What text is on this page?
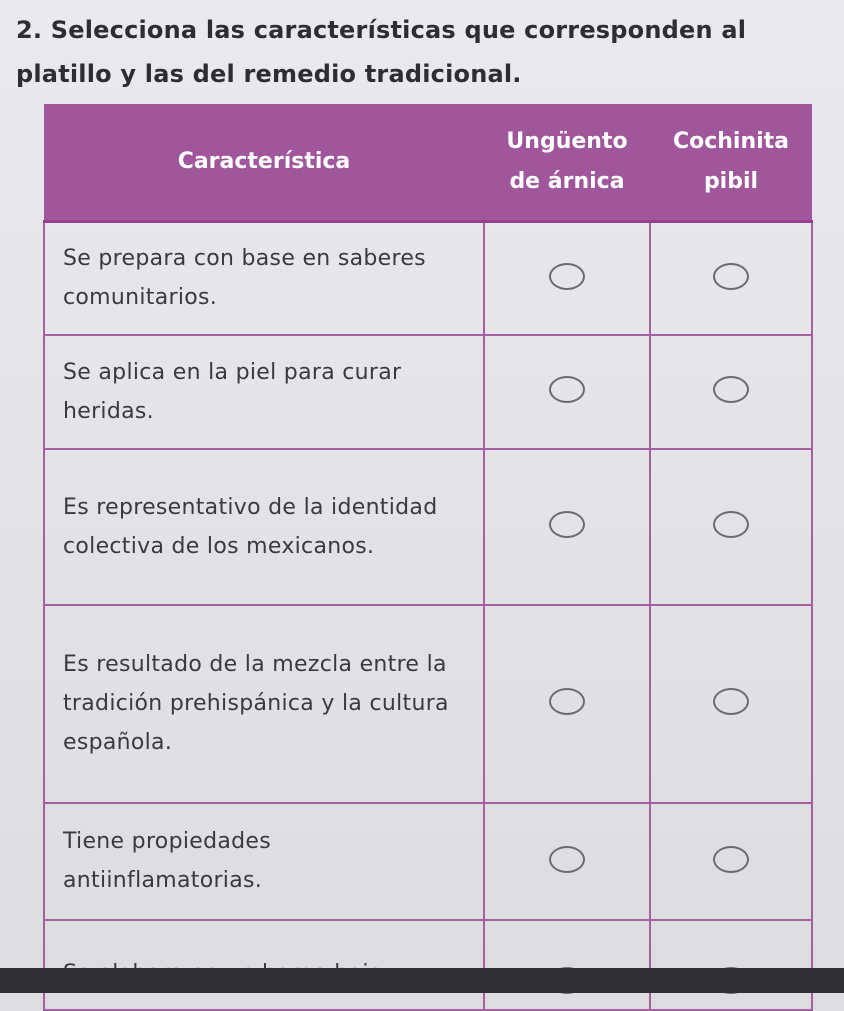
2. Selecciona las características que corresponden al platillo y las del remedio tradicional.
Característica	Ungüento de árnica	Cochinita pibil

Se prepara con base en saberes comunitarios.		

Se aplica en la piel para curar heridas.		

Es representativo de la identidad colectiva de los mexicanos.		

Es resultado de la mezcla entre la tradición prehispánica y la cultura española.		

Tiene propiedades antiinflamatorias.		
